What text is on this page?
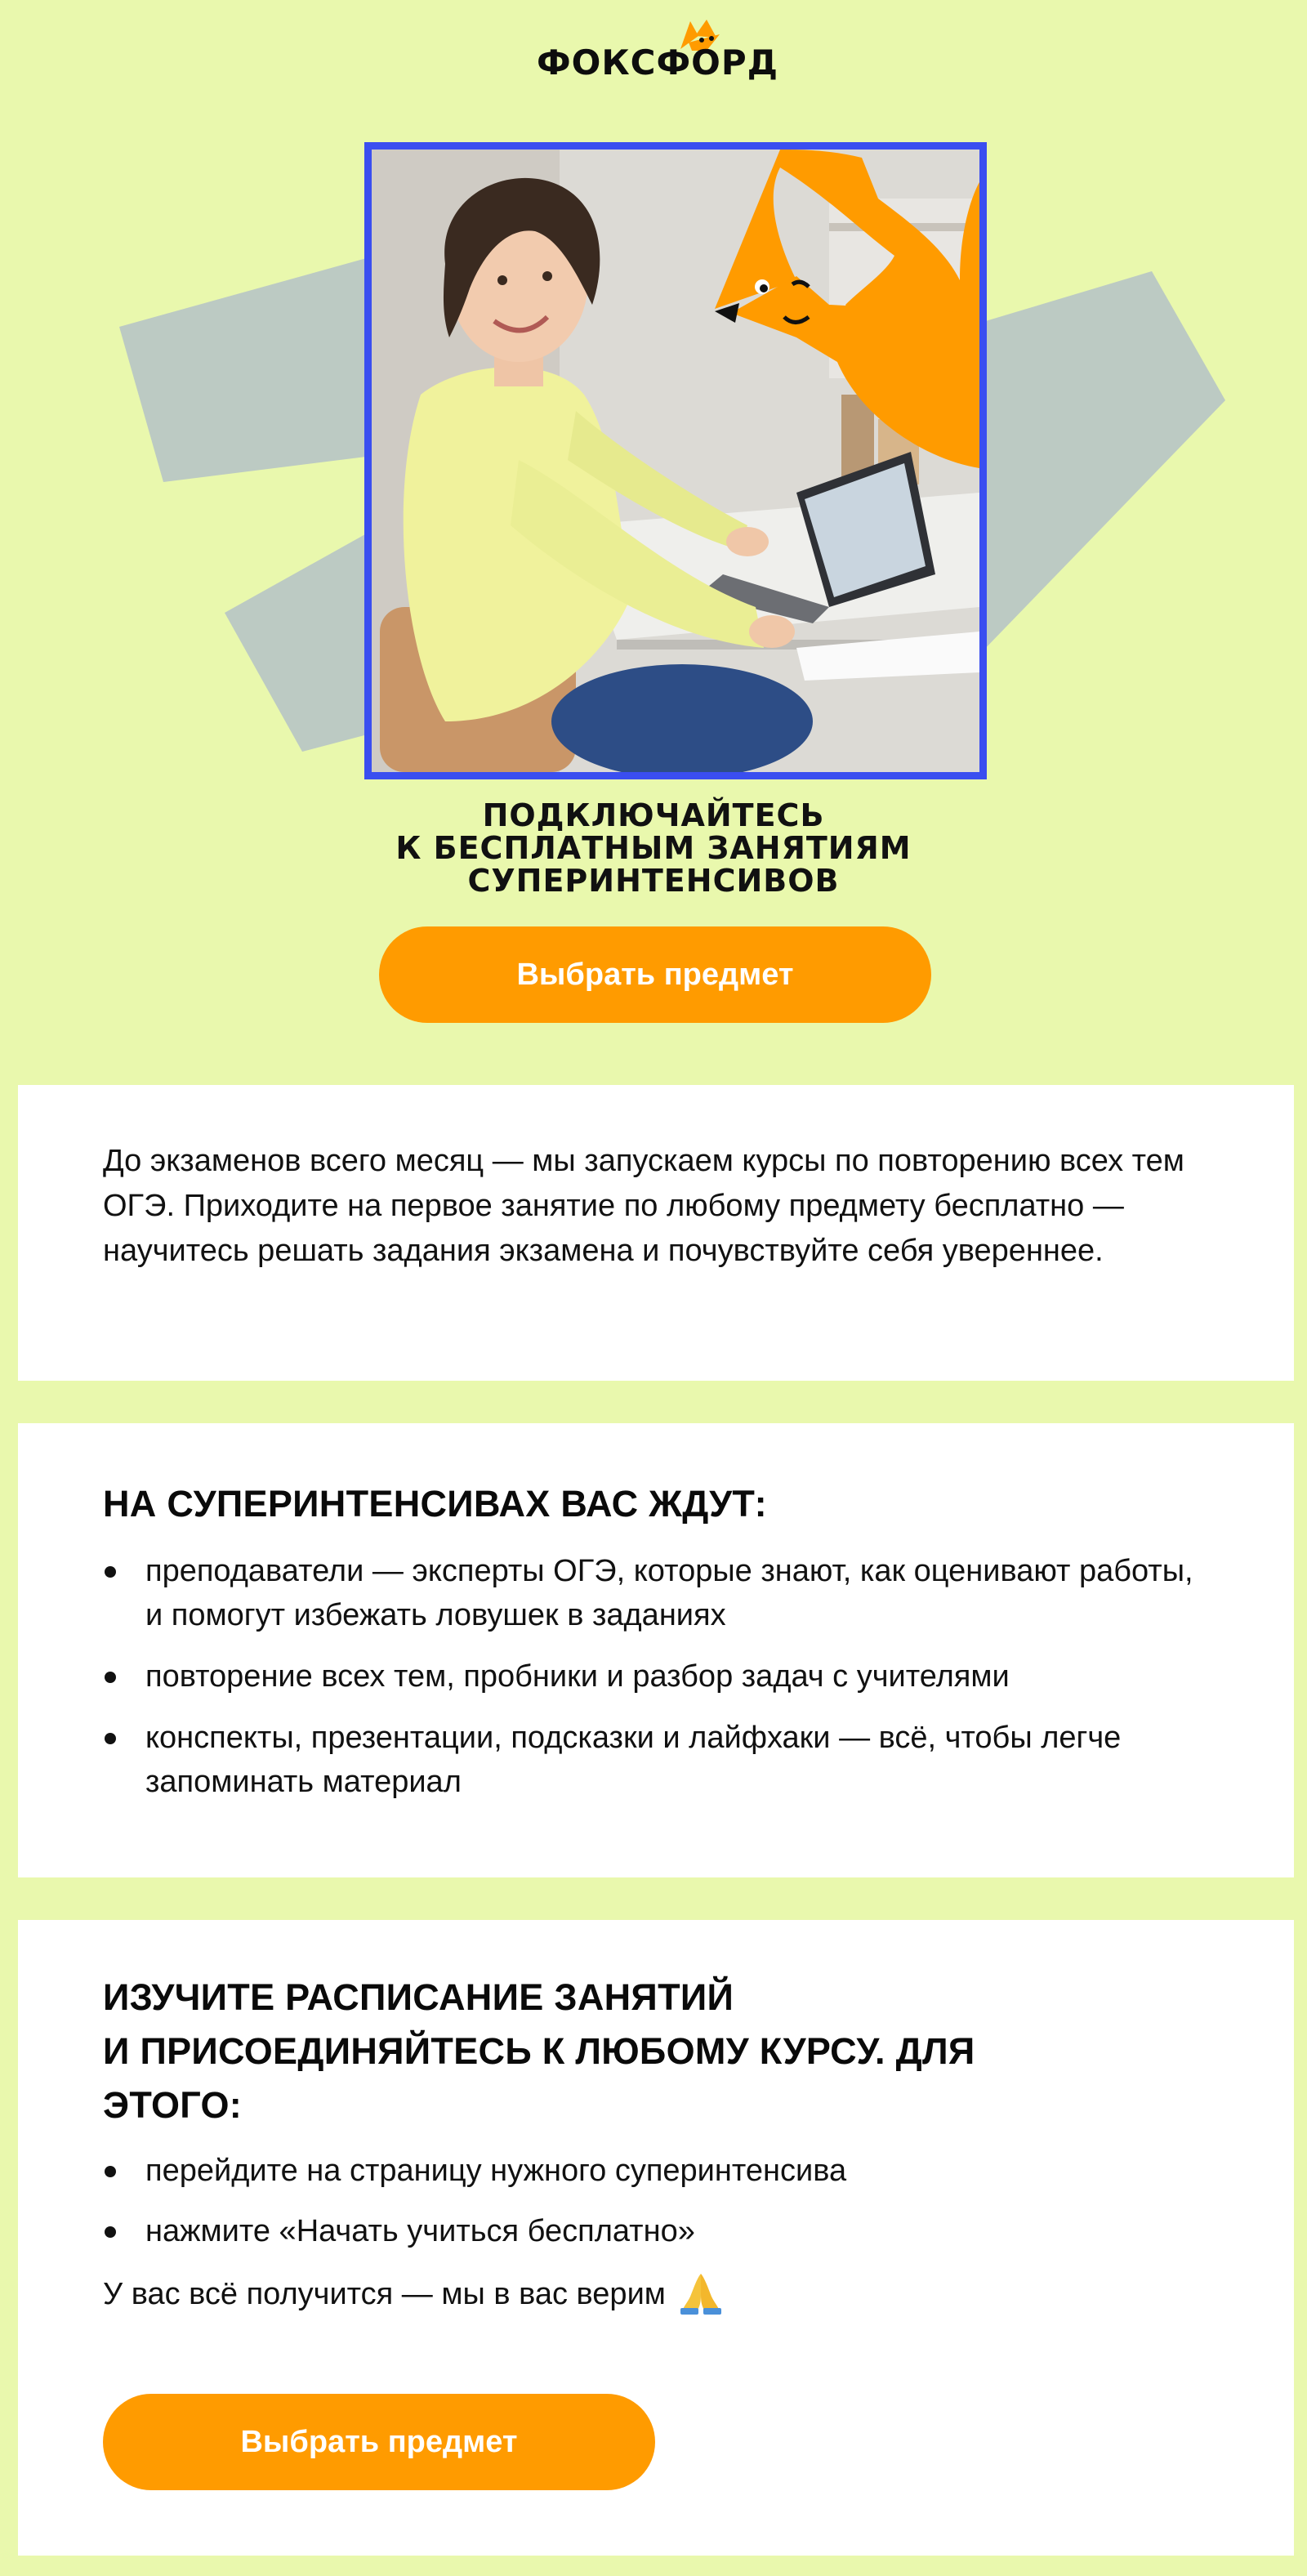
ФОКСФОРД
ПОДКЛЮЧАЙТЕСЬ
К БЕСПЛАТНЫМ ЗАНЯТИЯМ
СУПЕРИНТЕНСИВОВ
Выбрать предмет

До экзаменов всего месяц — мы запускаем курсы по повторению всех тем ОГЭ. Приходите на первое занятие по любому предмету бесплатно — научитесь решать задания экзамена и почувствуйте себя увереннее.

НА СУПЕРИНТЕНСИВАХ ВАС ЖДУТ:
преподаватели — эксперты ОГЭ, которые знают, как оценивают работы, и помогут избежать ловушек в заданиях
повторение всех тем, пробники и разбор задач с учителями
конспекты, презентации, подсказки и лайфхаки — всё, чтобы легче запоминать материал
ИЗУЧИТЕ РАСПИСАНИЕ ЗАНЯТИЙ
И ПРИСОЕДИНЯЙТЕСЬ К ЛЮБОМУ КУРСУ. ДЛЯ
ЭТОГО:
перейдите на страницу нужного суперинтенсива
нажмите «Начать учиться бесплатно»
У вас всё получится — мы в вас верим
Выбрать предмет
